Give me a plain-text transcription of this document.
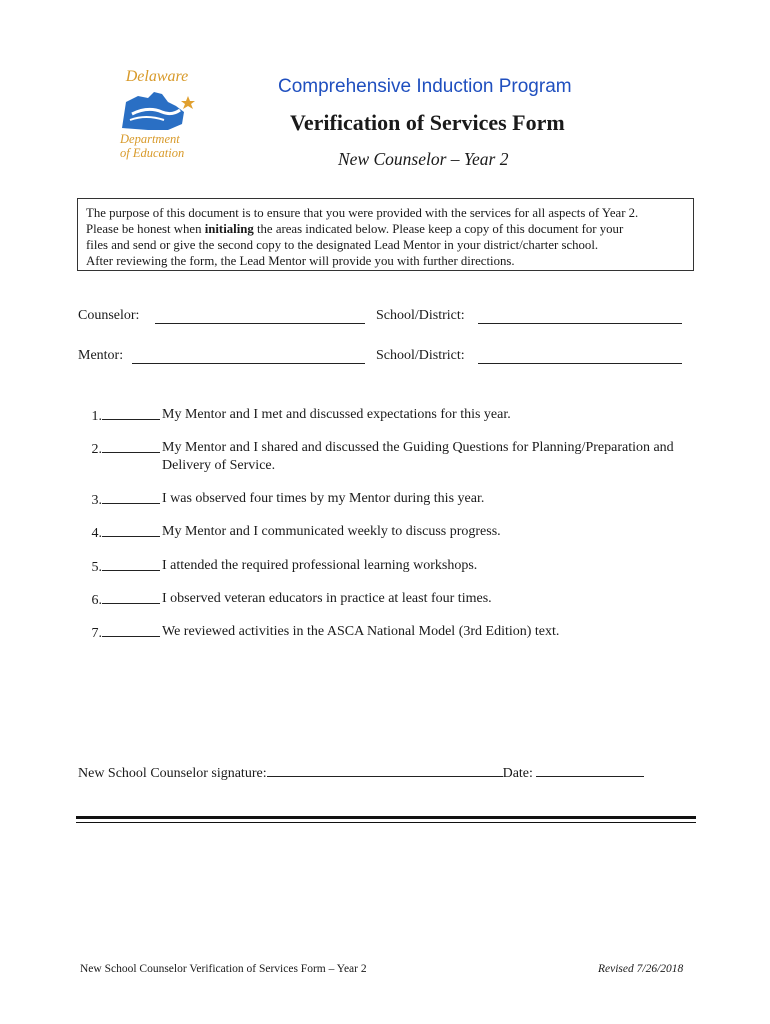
Delaware
Department
of Education
Comprehensive Induction Program
Verification of Services Form
New Counselor – Year 2

The purpose of this document is to ensure that you were provided with the services for all aspects of Year 2.

Please be honest when initialing the areas indicated below. Please keep a copy of this document for your

files and send or give the second copy to the designated Lead Mentor in your district/charter school.

After reviewing the form, the Lead Mentor will provide you with further directions.

Counselor:	School/District:
Mentor:	School/District:
1.	My Mentor and I met and discussed expectations for this year.
2.	My Mentor and I shared and discussed the Guiding Questions for Planning/Preparation and Delivery of Service.
3.	I was observed four times by my Mentor during this year.
4.	My Mentor and I communicated weekly to discuss progress.
5.	I attended the required professional learning workshops.
6.	I observed veteran educators in practice at least four times.
7.	We reviewed activities in the ASCA National Model (3rd Edition) text.
New School Counselor signature:	Date:
New School Counselor Verification of Services Form – Year 2	Revised 7/26/2018
